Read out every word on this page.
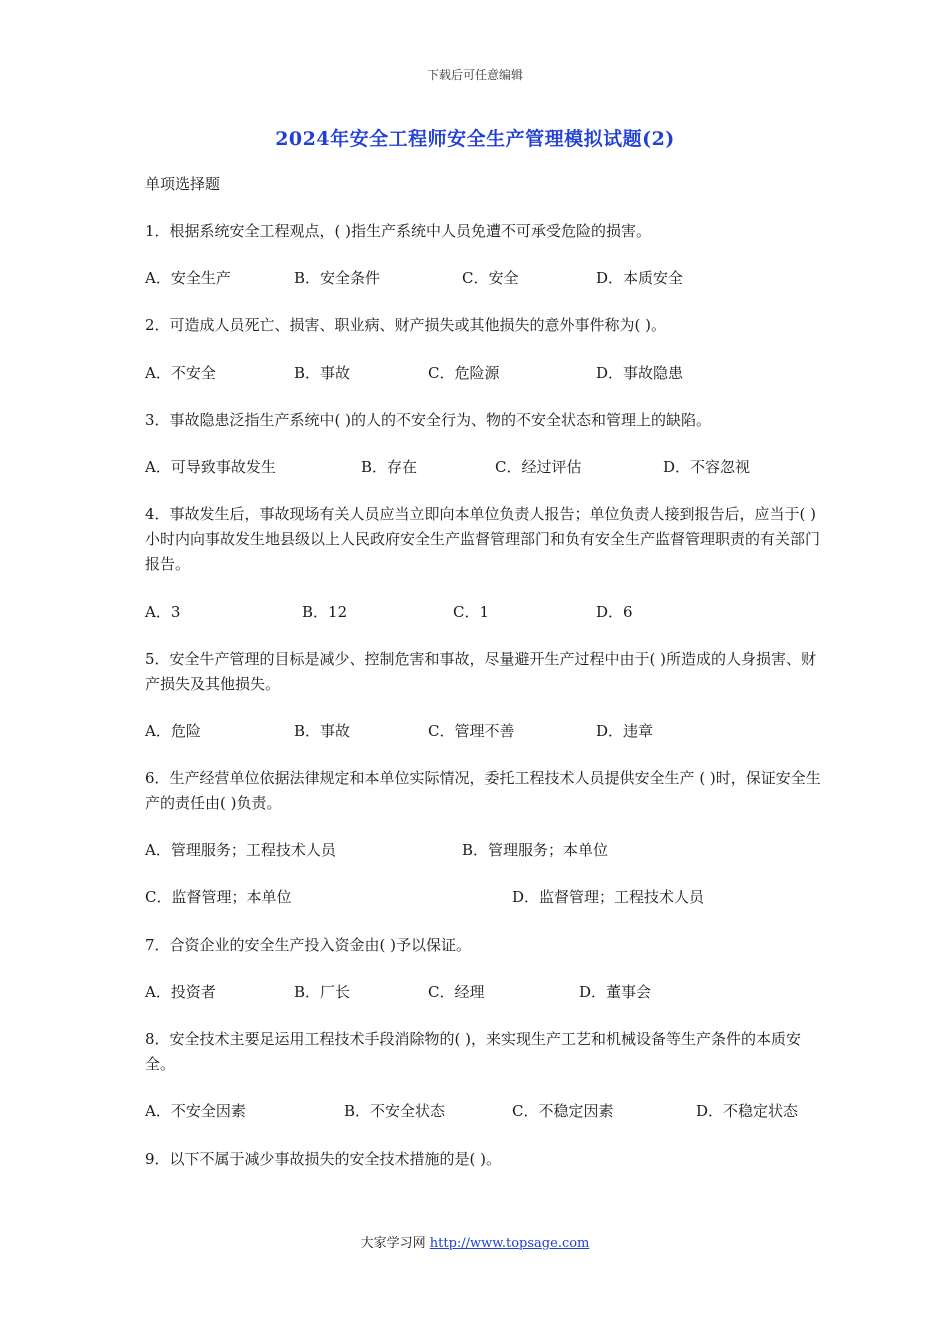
下载后可任意编辑
2024年安全工程师安全生产管理模拟试题(2)
单项选择题
1．根据系统安全工程观点，( )指生产系统中人员免遭不可承受危险的损害。
A．安全生产	B．安全条件	C．安全	D．本质安全
2．可造成人员死亡、损害、职业病、财产损失或其他损失的意外事件称为( )。
A．不安全	B．事故	C．危险源	D．事故隐患
3．事故隐患泛指生产系统中( )的人的不安全行为、物的不安全状态和管理上的缺陷。
A．可导致事故发生	B．存在	C．经过评估	D．不容忽视
4．事故发生后，事故现场有关人员应当立即向本单位负责人报告；单位负责人接到报告后，应当于( )小时内向事故发生地县级以上人民政府安全生产监督管理部门和负有安全生产监督管理职责的有关部门报告。
A．3	B．12	C．1	D．6
5．安全牛产管理的目标是减少、控制危害和事故，尽量避开生产过程中由于( )所造成的人身损害、财产损失及其他损失。
A．危险	B．事故	C．管理不善	D．违章
6．生产经营单位依据法律规定和本单位实际情况，委托工程技术人员提供安全生产 ( )时，保证安全生产的责任由( )负责。
A．管理服务；工程技术人员	B．管理服务；本单位
C．监督管理；本单位	D．监督管理；工程技术人员
7．合资企业的安全生产投入资金由( )予以保证。
A．投资者	B．厂长	C．经理	D．董事会
8．安全技术主要足运用工程技术手段消除物的( )，来实现生产工艺和机械设备等生产条件的本质安全。
A．不安全因素	B．不安全状态	C．不稳定因素	D．不稳定状态
9．以下不属于减少事故损失的安全技术措施的是( )。
大家学习网 http://www.topsage.com
